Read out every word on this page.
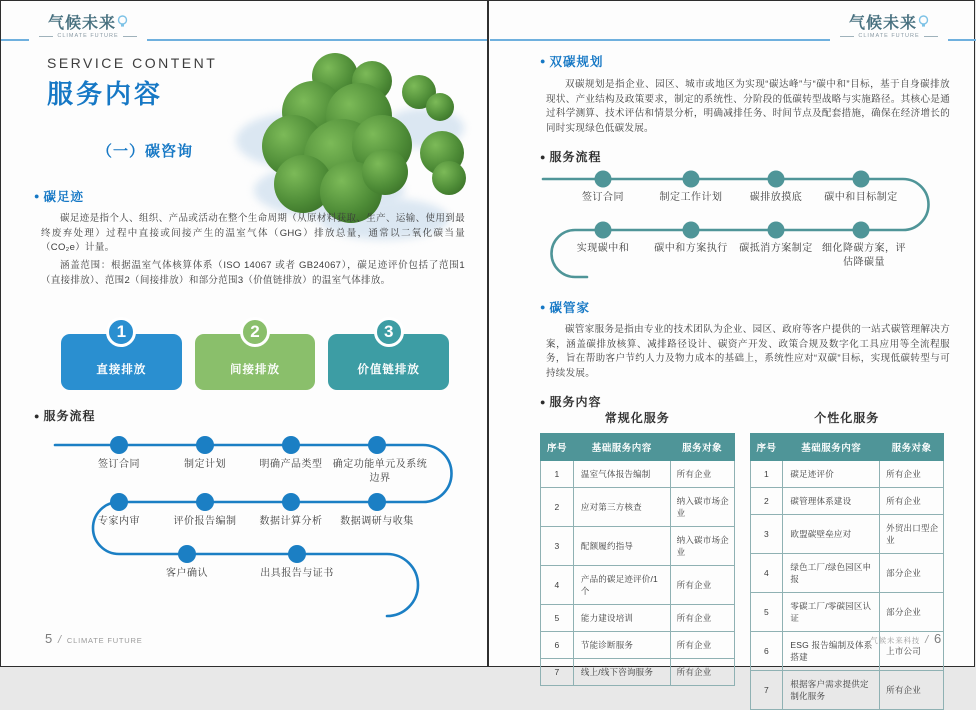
气候未来
CLIMATE FUTURE
SERVICE CONTENT
服务内容
（一）碳咨询
● 碳足迹
碳足迹是指个人、组织、产品或活动在整个生命周期（从原材料获取、生产、运输、使用到最终废弃处理）过程中直接或间接产生的温室气体（GHG）排放总量，通常以二氧化碳当量（CO₂e）计量。
涵盖范围：根据温室气体核算体系（ISO 14067 或者 GB24067），碳足迹评价包括了范围1（直接排放）、范围2（间接排放）和部分范围3（价值链排放）的温室气体排放。
1
直接排放
2
间接排放
3
价值链排放
● 服务流程
签订合同	制定计划	明确产品类型	确定功能单元及系统边界
专家内审	评价报告编制	数据计算分析	数据调研与收集
客户确认	出具报告与证书
5 / CLIMATE FUTURE
气候未来
CLIMATE FUTURE
● 双碳规划
双碳规划是指企业、园区、城市或地区为实现“碳达峰”与“碳中和”目标，基于自身碳排放现状、产业结构及政策要求，制定的系统性、分阶段的低碳转型战略与实施路径。其核心是通过科学测算、技术评估和情景分析，明确减排任务、时间节点及配套措施，确保在经济增长的同时实现绿色低碳发展。
● 服务流程
签订合同	制定工作计划	碳排放摸底	碳中和目标制定
实现碳中和	碳中和方案执行	碳抵消方案制定 细化降碳方案，评估降碳量
● 碳管家
碳管家服务是指由专业的技术团队为企业、园区、政府等客户提供的一站式碳管理解决方案，涵盖碳排放核算、减排路径设计、碳资产开发、政策合规及数字化工具应用等全流程服务，旨在帮助客户节约人力及物力成本的基础上，系统性应对“双碳”目标，实现低碳转型与可持续发展。
● 服务内容
常规化服务
序号	基础服务内容	服务对象
1	温室气体报告编制	所有企业
2	应对第三方核查	纳入碳市场企业
3	配额履约指导	纳入碳市场企业
4	产品的碳足迹评价/1个	所有企业
5	能力建设培训	所有企业
6	节能诊断服务	所有企业
7	线上/线下咨询服务	所有企业
个性化服务
序号	基础服务内容	服务对象
1	碳足迹评价	所有企业
2	碳管理体系建设	所有企业
3	欧盟碳壁垒应对	外贸出口型企业
4	绿色工厂/绿色园区申报	部分企业
5	零碳工厂/零碳园区认证	部分企业
6	ESG 报告编制及体系搭建	上市公司
7	根据客户需求提供定制化服务	所有企业
气候未来科技 / 6
